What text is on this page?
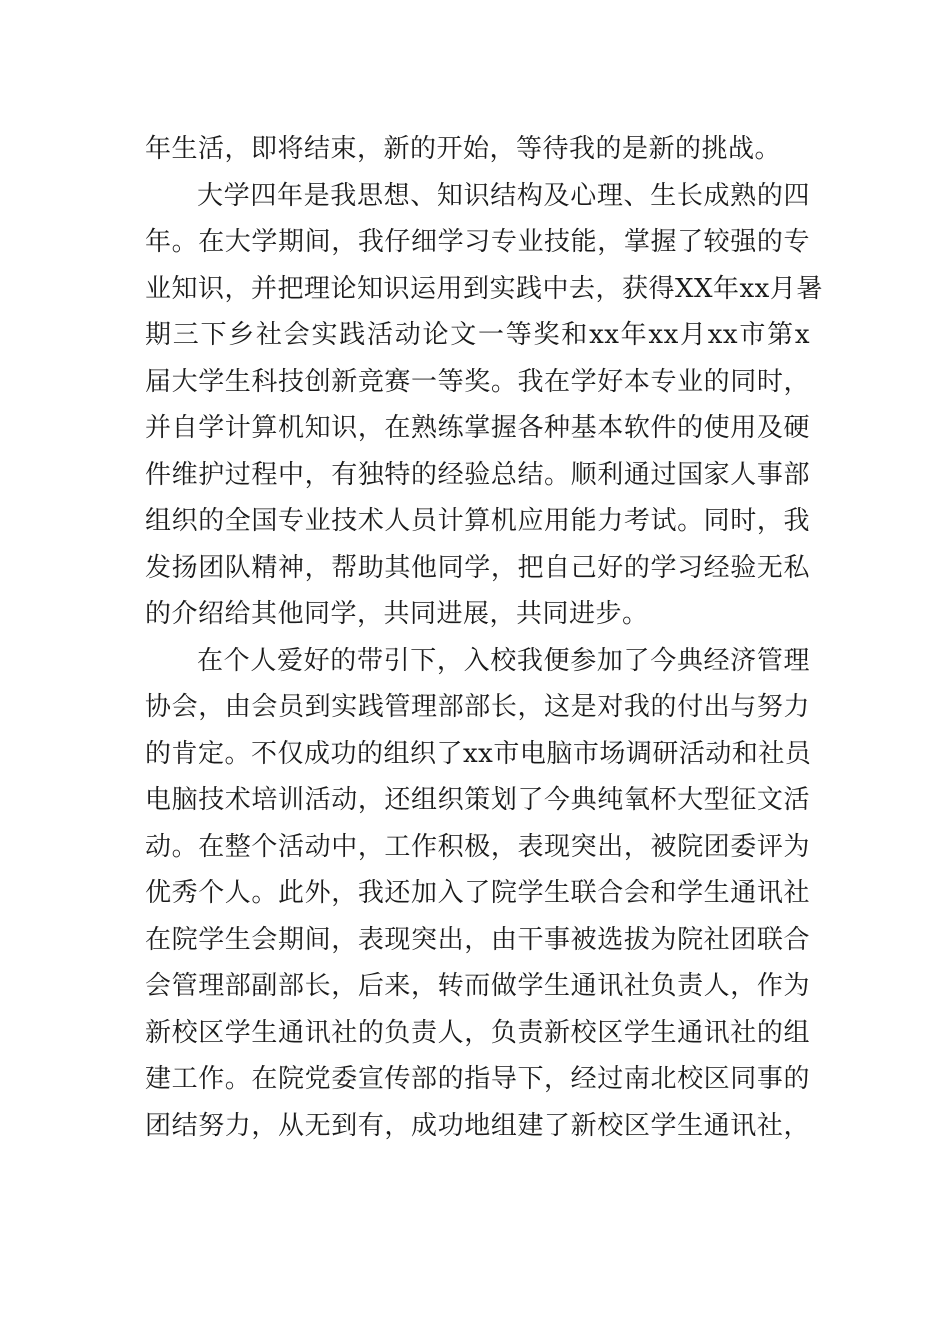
年生活，即将结束，新的开始，等待我的是新的挑战。
大学四年是我思想、知识结构及心理、生长成熟的四
年。在大学期间，我仔细学习专业技能，掌握了较强的专
业知识，并把理论知识运用到实践中去，获得XX年xx月暑
期三下乡社会实践活动论文一等奖和xx年xx月xx市第x
届大学生科技创新竞赛一等奖。我在学好本专业的同时，
并自学计算机知识，在熟练掌握各种基本软件的使用及硬
件维护过程中，有独特的经验总结。顺利通过国家人事部
组织的全国专业技术人员计算机应用能力考试。同时，我
发扬团队精神，帮助其他同学，把自己好的学习经验无私
的介绍给其他同学，共同进展，共同进步。
在个人爱好的带引下，入校我便参加了今典经济管理
协会，由会员到实践管理部部长，这是对我的付出与努力
的肯定。不仅成功的组织了xx市电脑市场调研活动和社员
电脑技术培训活动，还组织策划了今典纯氧杯大型征文活
动。在整个活动中，工作积极，表现突出，被院团委评为
优秀个人。此外，我还加入了院学生联合会和学生通讯社
在院学生会期间，表现突出，由干事被选拔为院社团联合
会管理部副部长，后来，转而做学生通讯社负责人，作为
新校区学生通讯社的负责人，负责新校区学生通讯社的组
建工作。在院党委宣传部的指导下，经过南北校区同事的
团结努力，从无到有，成功地组建了新校区学生通讯社，
